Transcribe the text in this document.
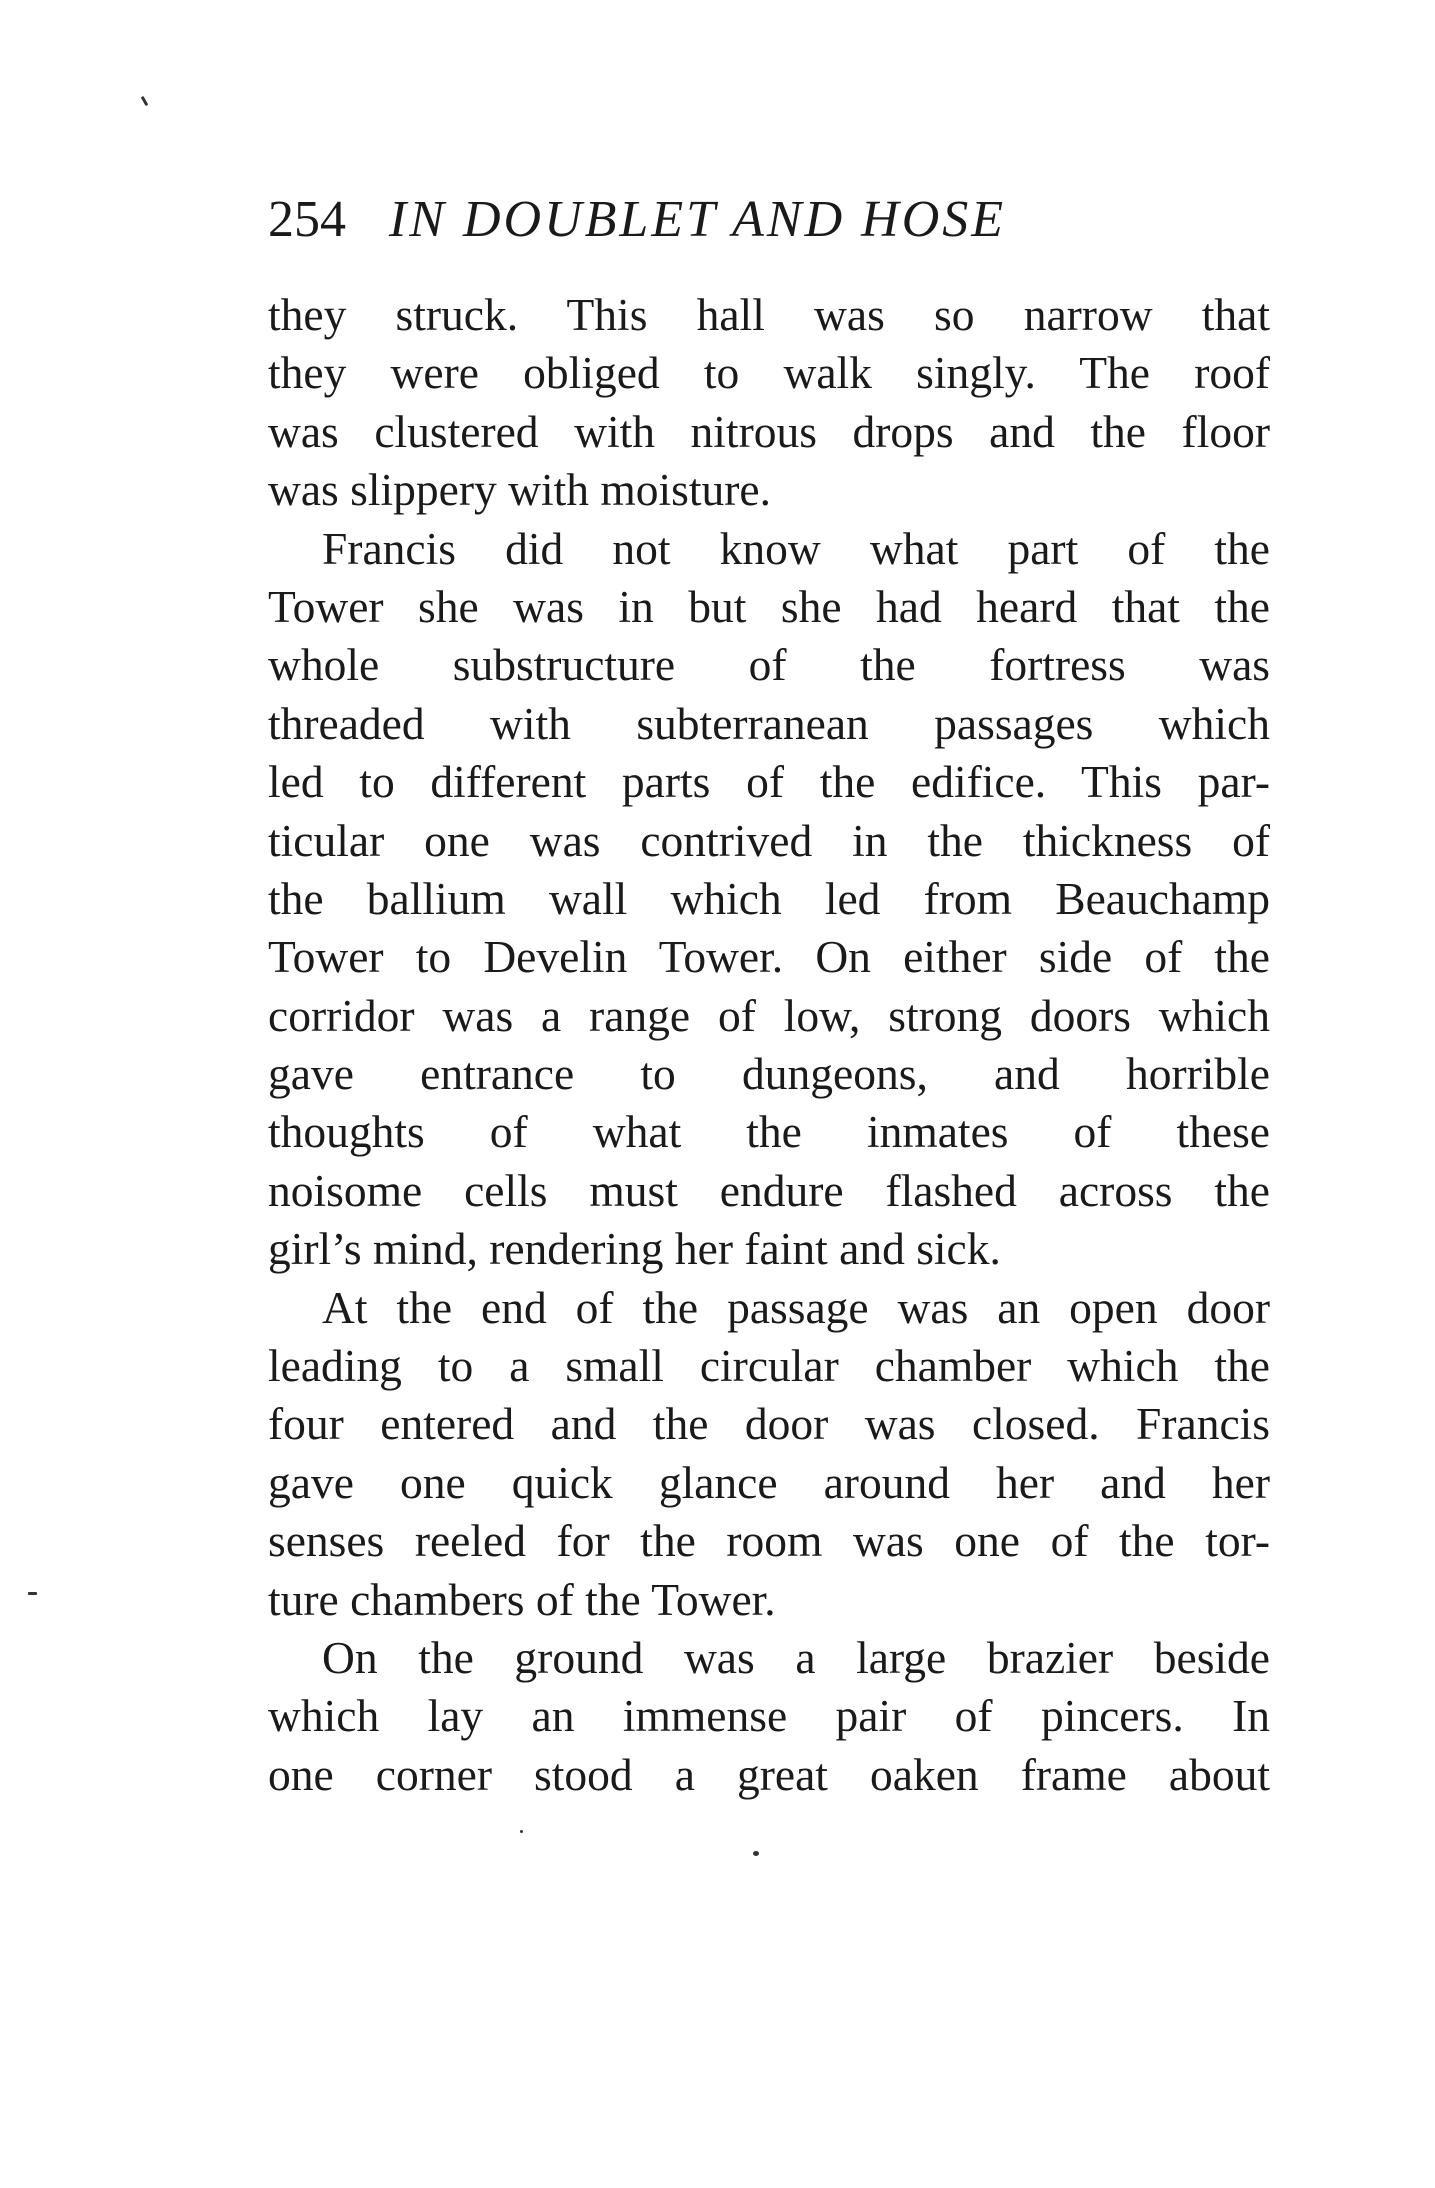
254 IN DOUBLET AND HOSE
they struck. This hall was so narrow that
they were obliged to walk singly. The roof
was clustered with nitrous drops and the floor
was slippery with moisture.
Francis did not know what part of the
Tower she was in but she had heard that the
whole substructure of the fortress was
threaded with subterranean passages which
led to different parts of the edifice. This par-
ticular one was contrived in the thickness of
the ballium wall which led from Beauchamp
Tower to Develin Tower. On either side of the
corridor was a range of low, strong doors which
gave entrance to dungeons, and horrible
thoughts of what the inmates of these
noisome cells must endure flashed across the
girl’s mind, rendering her faint and sick.
At the end of the passage was an open door
leading to a small circular chamber which the
four entered and the door was closed. Francis
gave one quick glance around her and her
senses reeled for the room was one of the tor-
ture chambers of the Tower.
On the ground was a large brazier beside
which lay an immense pair of pincers. In
one corner stood a great oaken frame about
